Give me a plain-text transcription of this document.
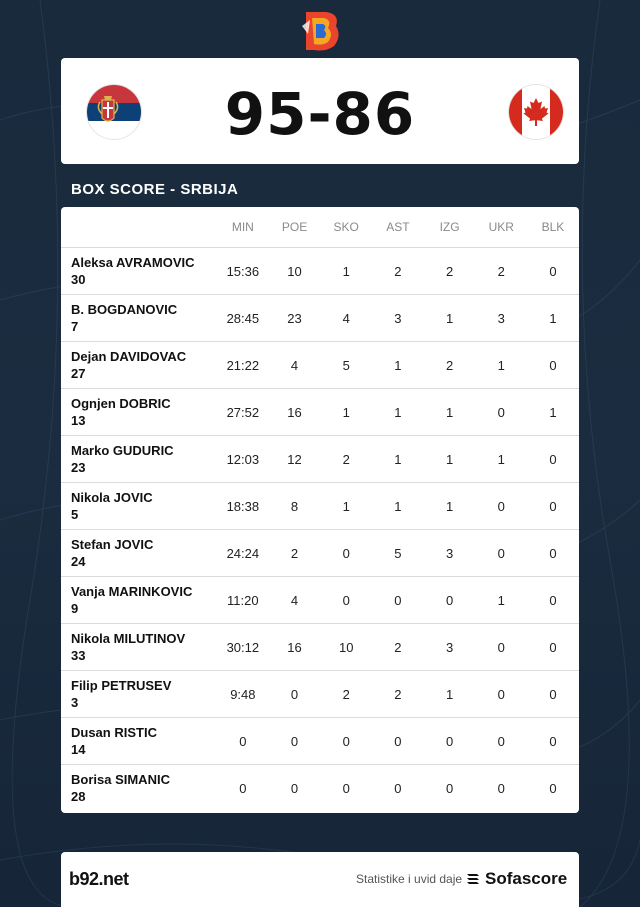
95-86
BOX SCORE - SRBIJA
MIN	POE	SKO	AST	IZG	UKR	BLK
Aleksa AVRAMOVIC
30
15:36	10	1	2	2	2	0
B. BOGDANOVIC
7
28:45	23	4	3	1	3	1
Dejan DAVIDOVAC
27
21:22	4	5	1	2	1	0
Ognjen DOBRIC
13
27:52	16	1	1	1	0	1
Marko GUDURIC
23
12:03	12	2	1	1	1	0
Nikola JOVIC
5
18:38	8	1	1	1	0	0
Stefan JOVIC
24
24:24	2	0	5	3	0	0
Vanja MARINKOVIC
9
11:20	4	0	0	0	1	0
Nikola MILUTINOV
33
30:12	16	10	2	3	0	0
Filip PETRUSEV
3
9:48	0	2	2	1	0	0
Dusan RISTIC
14
0	0	0	0	0	0	0
Borisa SIMANIC
28
0	0	0	0	0	0	0
b92.net	Statistike i uvid daje Sofascore
